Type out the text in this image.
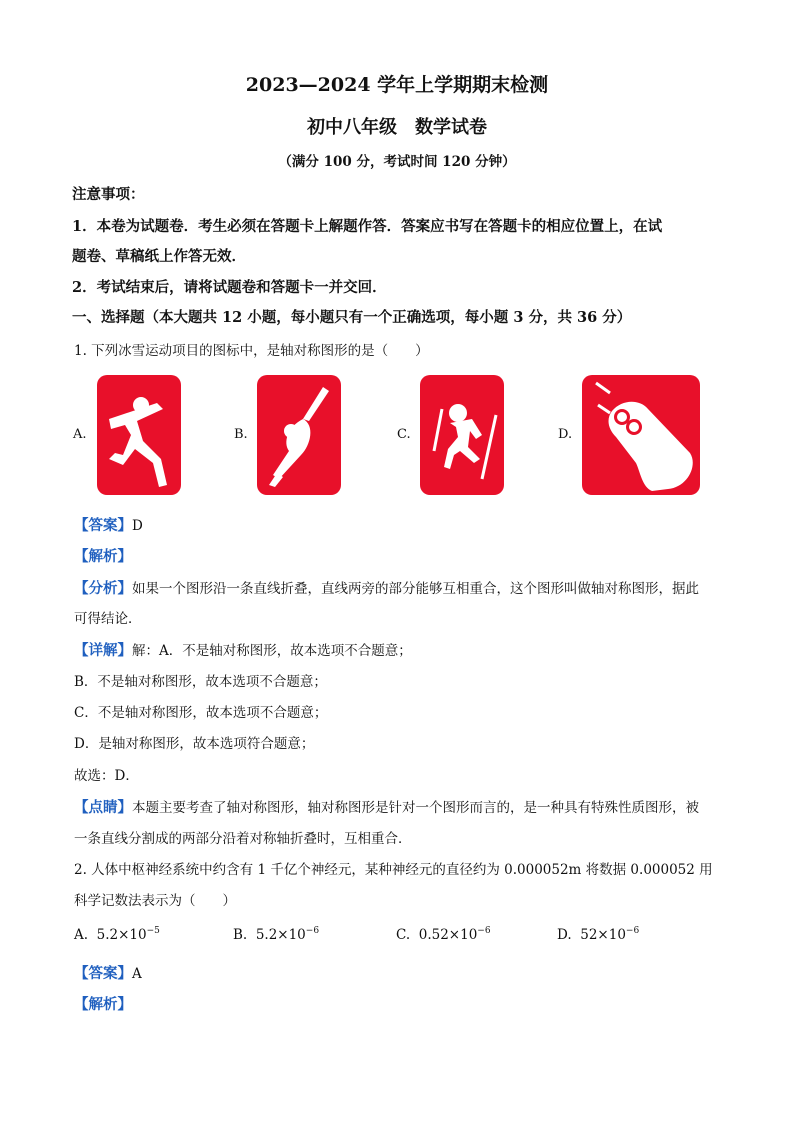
2023—2024 学年上学期期末检测
初中八年级　数学试卷
（满分 100 分，考试时间 120 分钟）
注意事项：
1．本卷为试题卷．考生必须在答题卡上解题作答．答案应书写在答题卡的相应位置上，在试
题卷、草稿纸上作答无效．
2．考试结束后，请将试题卷和答题卡一并交回．
一、选择题（本大题共 12 小题，每小题只有一个正确选项，每小题 3 分，共 36 分）
1. 下列冰雪运动项目的图标中，是轴对称图形的是（　　）
A.	B.	C.	D.
【答案】D
【解析】
【分析】如果一个图形沿一条直线折叠，直线两旁的部分能够互相重合，这个图形叫做轴对称图形，据此
可得结论．
【详解】解：A．不是轴对称图形，故本选项不合题意；
B．不是轴对称图形，故本选项不合题意；
C．不是轴对称图形，故本选项不合题意；
D．是轴对称图形，故本选项符合题意；
故选：D．
【点睛】本题主要考查了轴对称图形，轴对称图形是针对一个图形而言的，是一种具有特殊性质图形，被
一条直线分割成的两部分沿着对称轴折叠时，互相重合．
2. 人体中枢神经系统中约含有 1 千亿个神经元，某种神经元的直径约为 0.000052m 将数据 0.000052 用
科学记数法表示为（　　）
A. $5.2\times 10^{-5}$	B. $5.2\times 10^{-6}$	C. $0.52\times 10^{-6}$	D. $52\times 10^{-6}$
【答案】A
【解析】
